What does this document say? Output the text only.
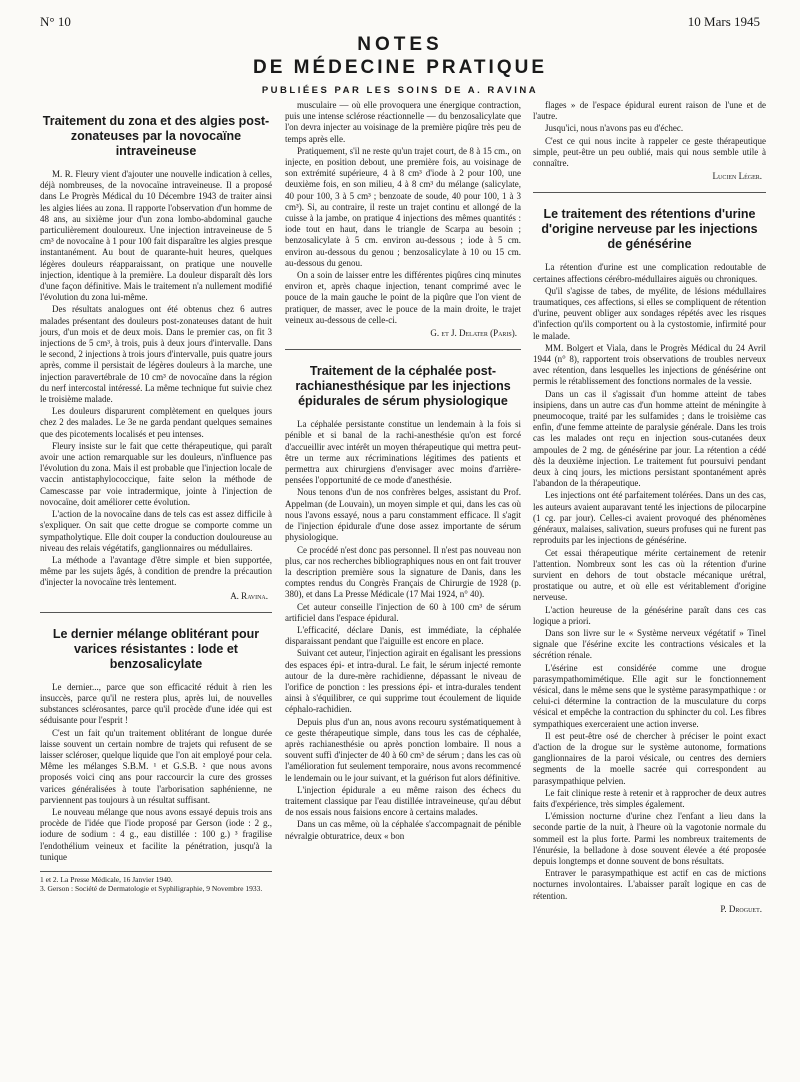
N° 10	10 Mars 1945
NOTES
DE MÉDECINE PRATIQUE
PUBLIÉES PAR LES SOINS DE A. RAVINA
Traitement du zona et des algies post-zonateuses par la novocaïne intraveineuse

M. R. Fleury vient d'ajouter une nouvelle indication à celles, déjà nombreuses, de la novocaïne intraveineuse. Il a proposé dans Le Progrès Médical du 10 Décembre 1943 de traiter ainsi les algies liées au zona. Il rapporte l'observation d'un homme de 48 ans, au sixième jour d'un zona lombo-abdominal gauche particulièrement douloureux. Une injection intraveineuse de 5 cm³ de novocaïne à 1 pour 100 fait disparaître les algies presque instantanément. Au bout de quarante-huit heures, quelques légères douleurs réapparaissant, on pratique une nouvelle injection, identique à la première. La douleur disparaît dès lors d'une façon définitive. Mais le traitement n'a nullement modifié l'évolution du zona lui-même.

Des résultats analogues ont été obtenus chez 6 autres malades présentant des douleurs post-zonateuses datant de huit jours, d'un mois et de deux mois. Dans le premier cas, on fit 3 injections de 5 cm³, à trois, puis à deux jours d'intervalle. Dans le second, 2 injections à trois jours d'intervalle, puis quatre jours après, comme il persistait de légères douleurs à la marche, une injection paravertébrale de 10 cm³ de novocaïne dans la région du nerf intercostal intéressé. La même technique fut suivie chez le troisième malade.

Les douleurs disparurent complètement en quelques jours chez 2 des malades. Le 3e ne garda pendant quelques semaines que des picotements localisés et peu intenses.

Fleury insiste sur le fait que cette thérapeutique, qui paraît avoir une action remarquable sur les douleurs, n'influence pas l'évolution du zona. Mais il est probable que l'injection locale de vaccin antistaphylococcique, faite selon la méthode de Camescasse par voie intradermique, jointe à l'injection de novocaïne, doit améliorer cette évolution.

L'action de la novocaïne dans de tels cas est assez difficile à s'expliquer. On sait que cette drogue se comporte comme un sympatholytique. Elle doit couper la conduction douloureuse au niveau des relais végétatifs, ganglionnaires ou médullaires.

La méthode a l'avantage d'être simple et bien supportée, même par les sujets âgés, à condition de prendre la précaution d'injecter la novocaïne très lentement.

A. Ravina.
Le dernier mélange oblitérant pour varices résistantes : Iode et benzosalicylate

Le dernier..., parce que son efficacité réduit à rien les insuccès, parce qu'il ne restera plus, après lui, de nouvelles substances sclérosantes, parce qu'il procède d'une idée qui est séduisante pour l'esprit !

C'est un fait qu'un traitement oblitérant de longue durée laisse souvent un certain nombre de trajets qui refusent de se laisser scléroser, quelque liquide que l'on ait employé pour cela. Même les mélanges S.B.M. ¹ et G.S.B. ² que nous avons proposés voici cinq ans pour raccourcir la cure des grosses varices généralisées à toute l'arborisation saphénienne, ne parviennent pas toujours à un résultat suffisant.

Le nouveau mélange que nous avons essayé depuis trois ans procède de l'idée que l'iode proposé par Gerson (iode : 2 g., iodure de sodium : 4 g., eau distillée : 100 g.) ³ fragilise l'endothélium veineux et facilite la pénétration, jusqu'à la tunique

1 et 2. La Presse Médicale, 16 Janvier 1940.
3. Gerson : Société de Dermatologie et Syphiligraphie, 9 Novembre 1933.

musculaire — où elle provoquera une énergique contraction, puis une intense sclérose réactionnelle — du benzosalicylate que l'on devra injecter au voisinage de la première piqûre très peu de temps après elle.

Pratiquement, s'il ne reste qu'un trajet court, de 8 à 15 cm., on injecte, en position debout, une première fois, au voisinage de son extrémité supérieure, 4 à 8 cm³ d'iode à 2 pour 100, une deuxième fois, en son milieu, 4 à 8 cm³ du mélange (salicylate, 40 pour 100, 3 à 5 cm³ ; benzoate de soude, 40 pour 100, 1 à 3 cm³). Si, au contraire, il reste un trajet continu et allongé de la cuisse à la jambe, on pratique 4 injections des mêmes quantités : iode tout en haut, dans le triangle de Scarpa au besoin ; benzosalicylate à 5 cm. environ au-dessous ; iode à 5 cm. environ au-dessous du genou ; benzosalicylate à 10 ou 15 cm. au-dessous du genou.

On a soin de laisser entre les différentes piqûres cinq minutes environ et, après chaque injection, tenant comprimé avec le pouce de la main gauche le point de la piqûre que l'on vient de pratiquer, de masser, avec le pouce de la main droite, le trajet veineux au-dessous de celle-ci.

G. et J. Delater (Paris).
Traitement de la céphalée post-rachianesthésique par les injections épidurales de sérum physiologique

La céphalée persistante constitue un lendemain à la fois si pénible et si banal de la rachi-anesthésie qu'on est forcé d'accueillir avec intérêt un moyen thérapeutique qui mettra peut-être un terme aux récriminations légitimes des patients et permettra aux chirurgiens d'envisager avec moins d'arrière-pensées l'opportunité de ce mode d'anesthésie.

Nous tenons d'un de nos confrères belges, assistant du Prof. Appelman (de Louvain), un moyen simple et qui, dans les cas où nous l'avons essayé, nous a paru constamment efficace. Il s'agit de l'injection épidurale d'une dose assez importante de sérum physiologique.

Ce procédé n'est donc pas personnel. Il n'est pas nouveau non plus, car nos recherches bibliographiques nous en ont fait trouver la description première sous la signature de Danis, dans les comptes rendus du Congrès Français de Chirurgie de 1928 (p. 380), et dans La Presse Médicale (17 Mai 1924, n° 40).

Cet auteur conseille l'injection de 60 à 100 cm³ de sérum artificiel dans l'espace épidural.

L'efficacité, déclare Danis, est immédiate, la céphalée disparaissant pendant que l'aiguille est encore en place.

Suivant cet auteur, l'injection agirait en égalisant les pressions des espaces épi- et intra-dural. Le fait, le sérum injecté remonte autour de la dure-mère rachidienne, dépassant le niveau de l'orifice de ponction : les pressions épi- et intra-durales tendent ainsi à s'équilibrer, ce qui supprime tout écoulement de liquide céphalo-rachidien.

Depuis plus d'un an, nous avons recouru systématiquement à ce geste thérapeutique simple, dans tous les cas de céphalée, après rachianesthésie ou après ponction lombaire. Il nous a souvent suffi d'injecter de 40 à 60 cm³ de sérum ; dans les cas où l'amélioration fut seulement temporaire, nous avons recommencé le lendemain ou le jour suivant, et la guérison fut alors définitive.

L'injection épidurale a eu même raison des échecs du traitement classique par l'eau distillée intraveineuse, qu'au début de nos essais nous faisions encore à certains malades.

Dans un cas même, où la céphalée s'accompagnait de pénible névralgie obturatrice, deux « bon

flages » de l'espace épidural eurent raison de l'une et de l'autre.

Jusqu'ici, nous n'avons pas eu d'échec.

C'est ce qui nous incite à rappeler ce geste thérapeutique simple, peut-être un peu oublié, mais qui nous semble utile à connaître.

Lucien Léger.
Le traitement des rétentions d'urine d'origine nerveuse par les injections de génésérine

La rétention d'urine est une complication redoutable de certaines affections cérébro-médullaires aiguës ou chroniques.

Qu'il s'agisse de tabes, de myélite, de lésions médullaires traumatiques, ces affections, si elles se compliquent de rétention d'urine, peuvent obliger aux sondages répétés avec les risques d'infection qu'ils comportent ou à la cystostomie, infirmité pour le malade.

MM. Bolgert et Viala, dans le Progrès Médical du 24 Avril 1944 (n° 8), rapportent trois observations de troubles nerveux avec rétention, dans lesquelles les injections de génésérine ont permis le rétablissement des fonctions normales de la vessie.

Dans un cas il s'agissait d'un homme atteint de tabes insipiens, dans un autre cas d'un homme atteint de méningite à pneumocoque, traité par les sulfamides ; dans le troisième cas enfin, d'une femme atteinte de paralysie générale. Dans les trois cas les malades ont reçu en injection sous-cutanées deux ampoules de 2 mg. de génésérine par jour. La rétention a cédé dès la deuxième injection. Le traitement fut poursuivi pendant deux à cinq jours, les mictions persistant spontanément après l'abandon de la thérapeutique.

Les injections ont été parfaitement tolérées. Dans un des cas, les auteurs avaient auparavant tenté les injections de pilocarpine (1 cg. par jour). Celles-ci avaient provoqué des phénomènes généraux, malaises, salivation, sueurs profuses qui ne furent pas reproduits par les injections de génésérine.

Cet essai thérapeutique mérite certainement de retenir l'attention. Nombreux sont les cas où la rétention d'urine survient en dehors de tout obstacle mécanique urétral, prostatique ou autre, et où elle est véritablement d'origine nerveuse.

L'action heureuse de la génésérine paraît dans ces cas logique a priori.

Dans son livre sur le « Système nerveux végétatif » Tinel signale que l'ésérine excite les contractions vésicales et la sécrétion rénale.

L'ésérine est considérée comme une drogue parasympathomimétique. Elle agit sur le fonctionnement vésical, dans le même sens que le système parasympathique : or celui-ci détermine la contraction de la musculature du corps vésical et empêche la contraction du sphincter du col. Les fibres sympathiques exerceraient une action inverse.

Il est peut-être osé de chercher à préciser le point exact d'action de la drogue sur le système autonome, formations ganglionnaires de la paroi vésicale, ou centres des derniers segments de la moelle sacrée qui correspondent au parasympathique pelvien.

Le fait clinique reste à retenir et à rapprocher de deux autres faits d'expérience, très simples également.

L'émission nocturne d'urine chez l'enfant a lieu dans la seconde partie de la nuit, à l'heure où la vagotonie normale du sommeil est la plus forte. Parmi les nombreux traitements de l'énurésie, la belladone à dose souvent élevée a été proposée depuis longtemps et donne souvent de bons résultats.

Entraver le parasympathique est actif en cas de mictions nocturnes involontaires. L'abaisser paraît logique en cas de rétention.

P. Droguet.
